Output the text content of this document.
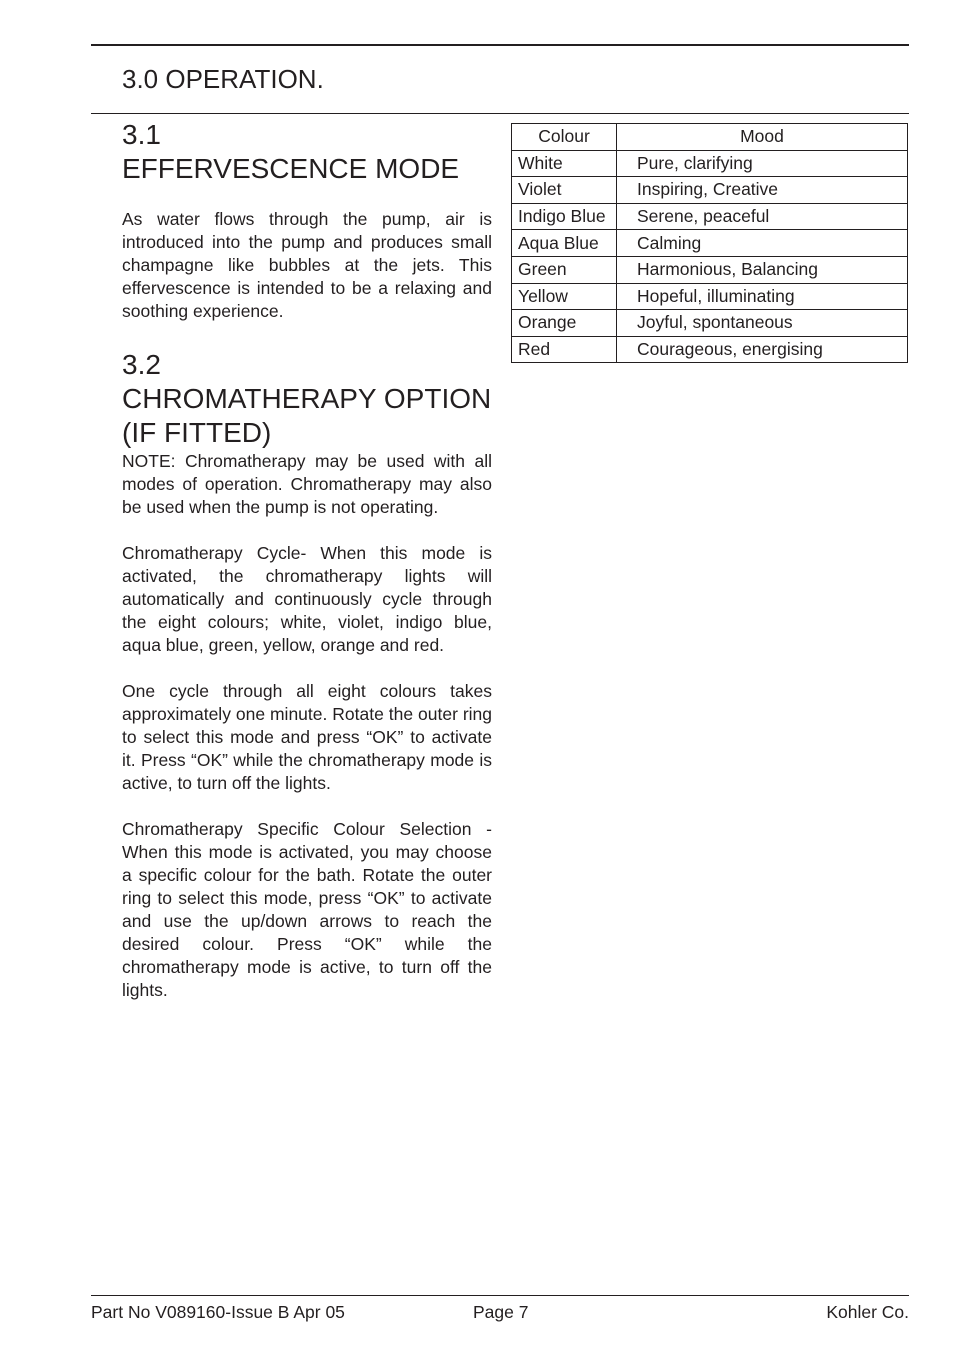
3.0 OPERATION.
3.1
EFFERVESCENCE MODE

As water flows through the pump, air is introduced into the pump and produces small champagne like bubbles at the jets. This effervescence is intended to be a relaxing and soothing experience.

3.2
CHROMATHERAPY OPTION
(IF FITTED)

NOTE: Chromatherapy may be used with all modes of operation. Chromatherapy may also be used when the pump is not operating.

Chromatherapy Cycle- When this mode is activated, the chromatherapy lights will automatically and continuously cycle through the eight colours; white, violet, indigo blue, aqua blue, green, yellow, orange and red.

One cycle through all eight colours takes approximately one minute. Rotate the outer ring to select this mode and press “OK” to activate it. Press “OK” while the chromatherapy mode is active, to turn off the lights.

Chromatherapy Specific Colour Selection - When this mode is activated, you may choose a specific colour for the bath. Rotate the outer ring to select this mode, press “OK” to activate and use the up/down arrows to reach the desired colour. Press “OK” while the chromatherapy mode is active, to turn off the lights.

Colour	Mood
White	Pure, clarifying
Violet	Inspiring, Creative
Indigo Blue	Serene, peaceful
Aqua Blue	Calming
Green	Harmonious, Balancing
Yellow	Hopeful, illuminating
Orange	Joyful, spontaneous
Red	Courageous, energising
Part No V089160-Issue B Apr 05	Page 7	Kohler Co.
